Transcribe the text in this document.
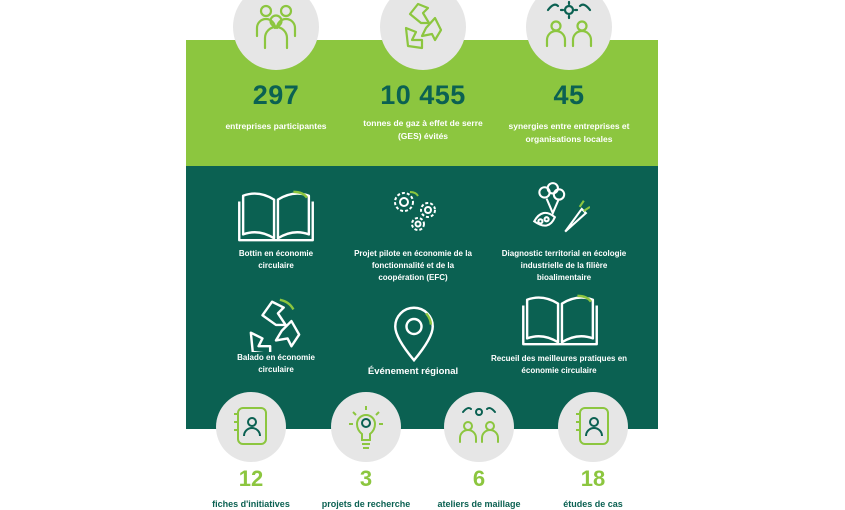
297
entreprises participantes
10 455
tonnes de gaz à effet de serre (GES) évités
45
synergies entre entreprises et organisations locales
Bottin en économie circulaire
Projet pilote en économie de la fonctionnalité et de la coopération (EFC)
Diagnostic territorial en écologie industrielle de la filière bioalimentaire
Balado en économie circulaire	Événement régional
Recueil des meilleures pratiques en économie circulaire
12
fiches d'initiatives
3
projets de recherche
6
ateliers de maillage
18
études de cas
